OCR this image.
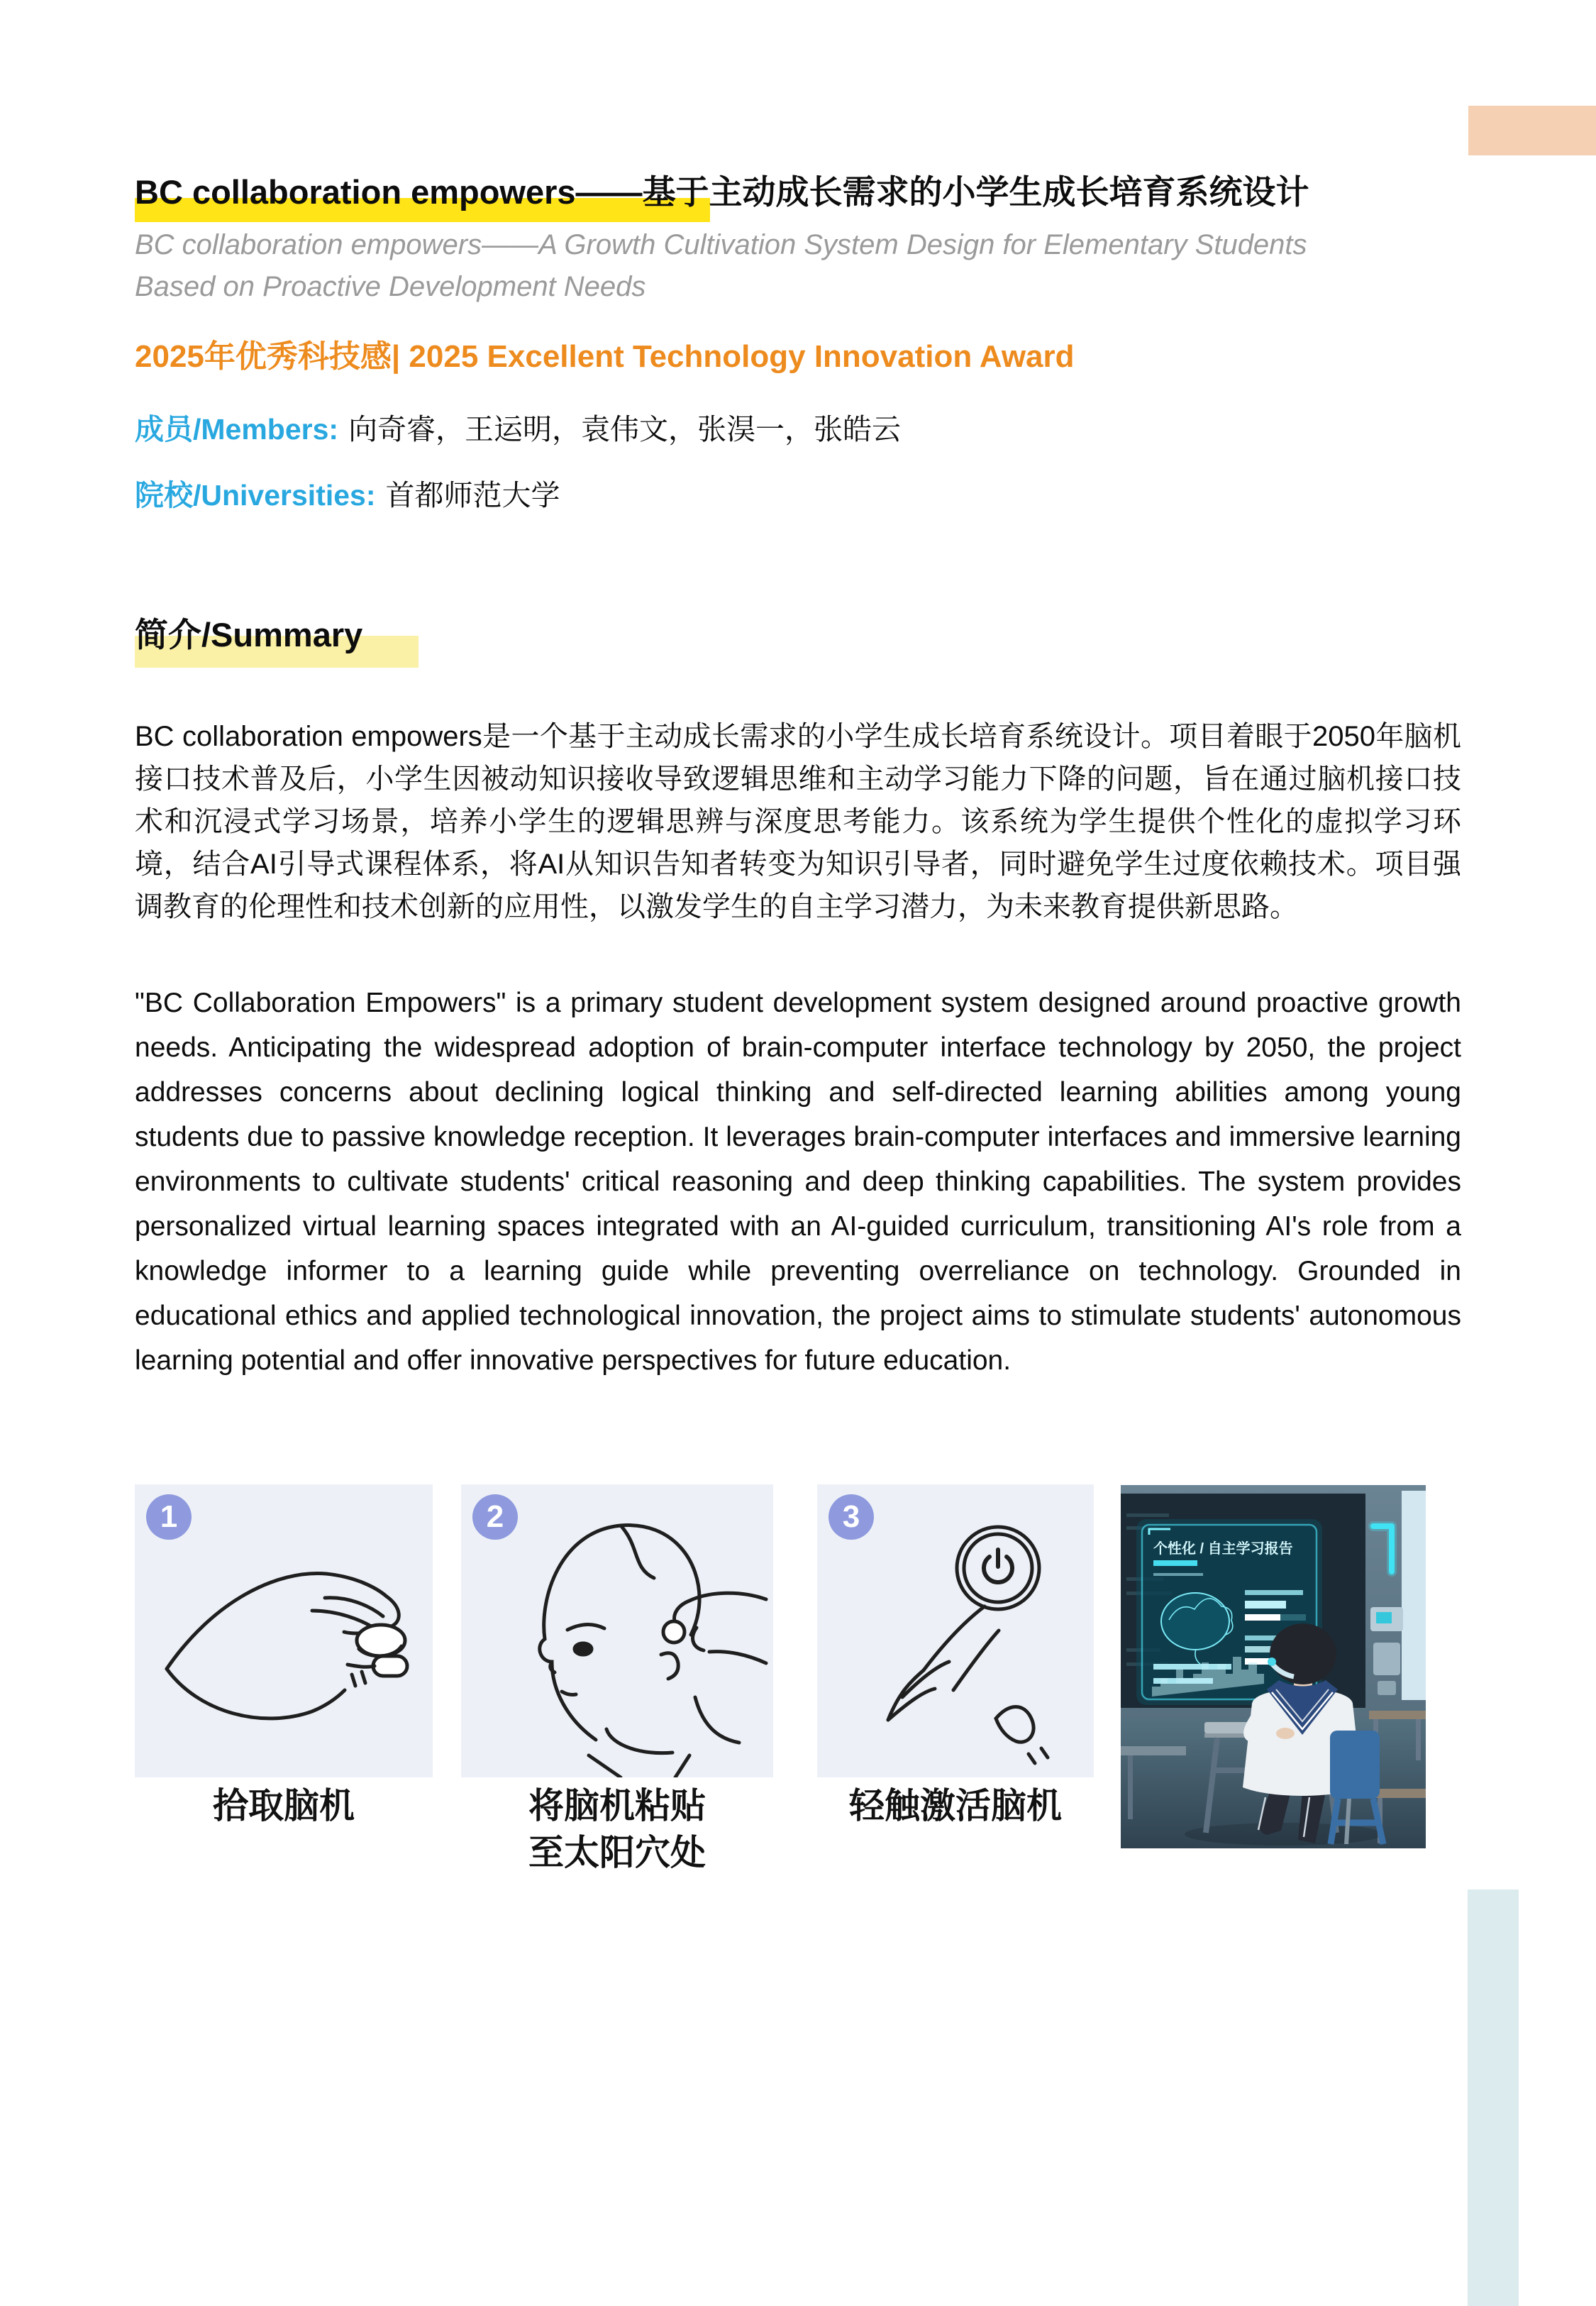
BC collaboration empowers——基于主动成长需求的小学生成长培育系统设计
BC collaboration empowers——A Growth Cultivation System Design for Elementary Students
Based on Proactive Development Needs
2025年优秀科技感| 2025 Excellent Technology Innovation Award
成员/Members: 向奇睿，王运明，袁伟文，张淏一，张皓云
院校/Universities: 首都师范大学
简介/Summary

BC collaboration empowers是一个基于主动成长需求的小学生成长培育系统设计。项目着眼于2050年脑机接口技术普及后，小学生因被动知识接收导致逻辑思维和主动学习能力下降的问题，旨在通过脑机接口技术和沉浸式学习场景，培养小学生的逻辑思辨与深度思考能力。该系统为学生提供个性化的虚拟学习环境，结合AI引导式课程体系，将AI从知识告知者转变为知识引导者，同时避免学生过度依赖技术。项目强调教育的伦理性和技术创新的应用性，以激发学生的自主学习潜力，为未来教育提供新思路。

"BC Collaboration Empowers" is a primary student development system designed around proactive growth needs. Anticipating the widespread adoption of brain-computer interface technology by 2050, the project addresses concerns about declining logical thinking and self-directed learning abilities among young students due to passive knowledge reception. It leverages brain-computer interfaces and immersive learning environments to cultivate students' critical reasoning and deep thinking capabilities. The system provides personalized virtual learning spaces integrated with an AI-guided curriculum, transitioning AI's role from a knowledge informer to a learning guide while preventing overreliance on technology. Grounded in educational ethics and applied technological innovation, the project aims to stimulate students' autonomous learning potential and offer innovative perspectives for future education.

1	2	3
拾取脑机	将脑机粘贴
至太阳穴处
轻触激活脑机
个性化 / 自主学习报告
